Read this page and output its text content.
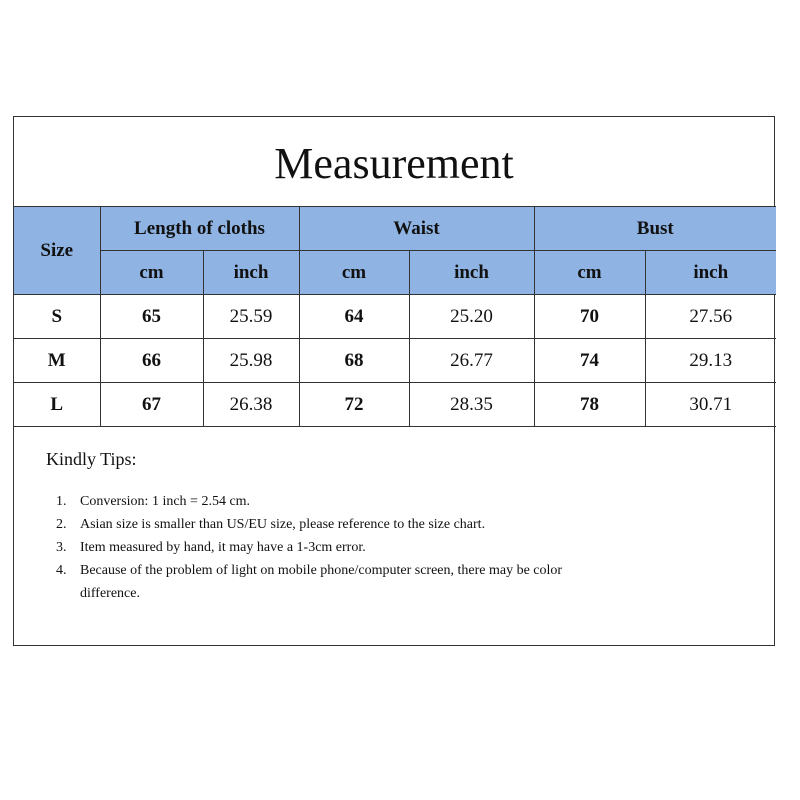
Measurement
Size	Length of cloths		Waist		Bust	
	cm	inch	cm	inch	cm	inch
S	65	25.59	64	25.20	70	27.56
M	66	25.98	68	26.77	74	29.13
L	67	26.38	72	28.35	78	30.71
Kindly Tips:
1. Conversion: 1 inch = 2.54 cm.
2. Asian size is smaller than US/EU size, please reference to the size chart.
3. Item measured by hand, it may have a 1-3cm error.
4. Because of the problem of light on mobile phone/computer screen, there may be color difference.
